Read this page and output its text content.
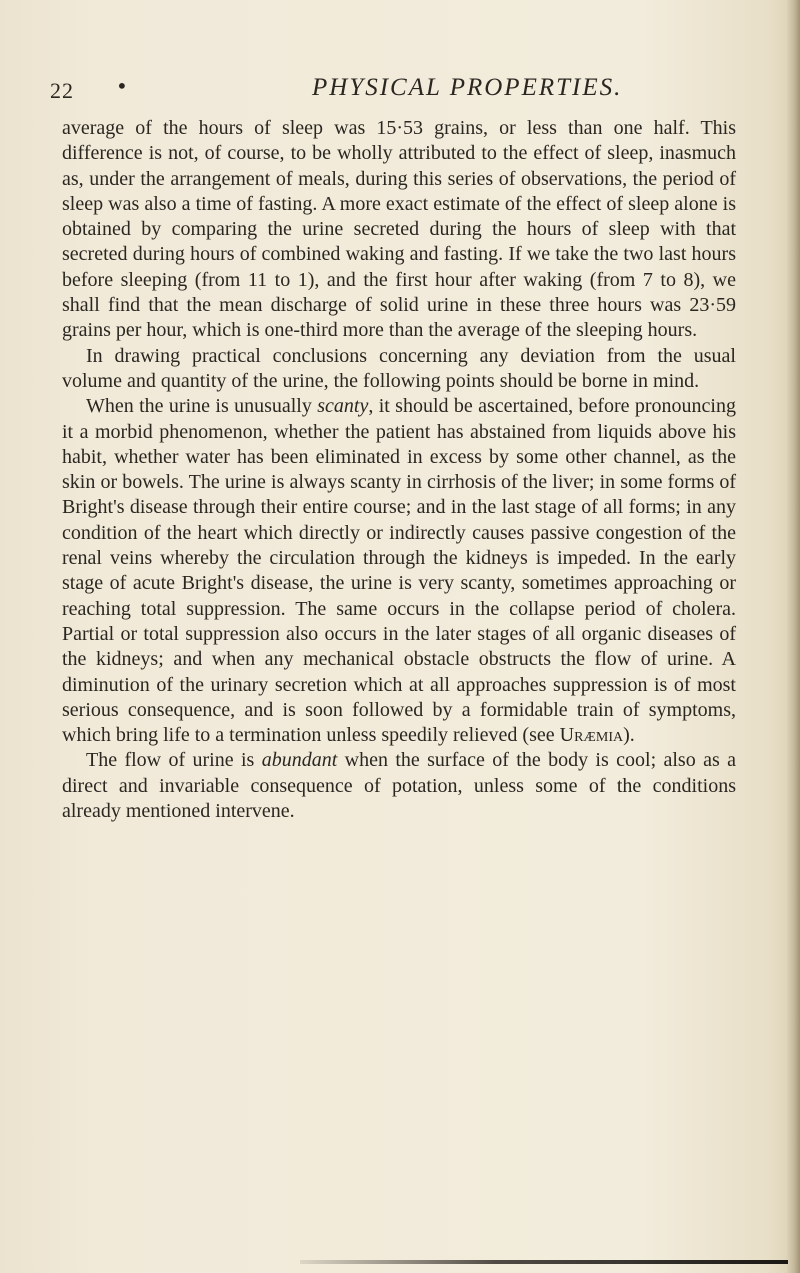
22 •	PHYSICAL PROPERTIES.

average of the hours of sleep was 15·53 grains, or less than one half. This difference is not, of course, to be wholly attributed to the effect of sleep, inasmuch as, under the arrangement of meals, during this series of observations, the period of sleep was also a time of fasting. A more exact estimate of the effect of sleep alone is obtained by comparing the urine secreted during the hours of sleep with that secreted during hours of combined waking and fasting. If we take the two last hours before sleeping (from 11 to 1), and the first hour after waking (from 7 to 8), we shall find that the mean discharge of solid urine in these three hours was 23·59 grains per hour, which is one-third more than the average of the sleeping hours.

In drawing practical conclusions concerning any deviation from the usual volume and quantity of the urine, the following points should be borne in mind.

When the urine is unusually scanty, it should be ascertained, before pronouncing it a morbid phenomenon, whether the patient has abstained from liquids above his habit, whether water has been eliminated in excess by some other channel, as the skin or bowels. The urine is always scanty in cirrhosis of the liver; in some forms of Bright's disease through their entire course; and in the last stage of all forms; in any condition of the heart which directly or indirectly causes passive congestion of the renal veins whereby the circulation through the kidneys is impeded. In the early stage of acute Bright's disease, the urine is very scanty, sometimes approaching or reaching total suppression. The same occurs in the collapse period of cholera. Partial or total suppression also occurs in the later stages of all organic diseases of the kidneys; and when any mechanical obstacle obstructs the flow of urine. A diminution of the urinary secretion which at all approaches suppression is of most serious consequence, and is soon followed by a formidable train of symptoms, which bring life to a termination unless speedily relieved (see Uræmia).

The flow of urine is abundant when the surface of the body is cool; also as a direct and invariable consequence of potation, unless some of the conditions already mentioned intervene.
